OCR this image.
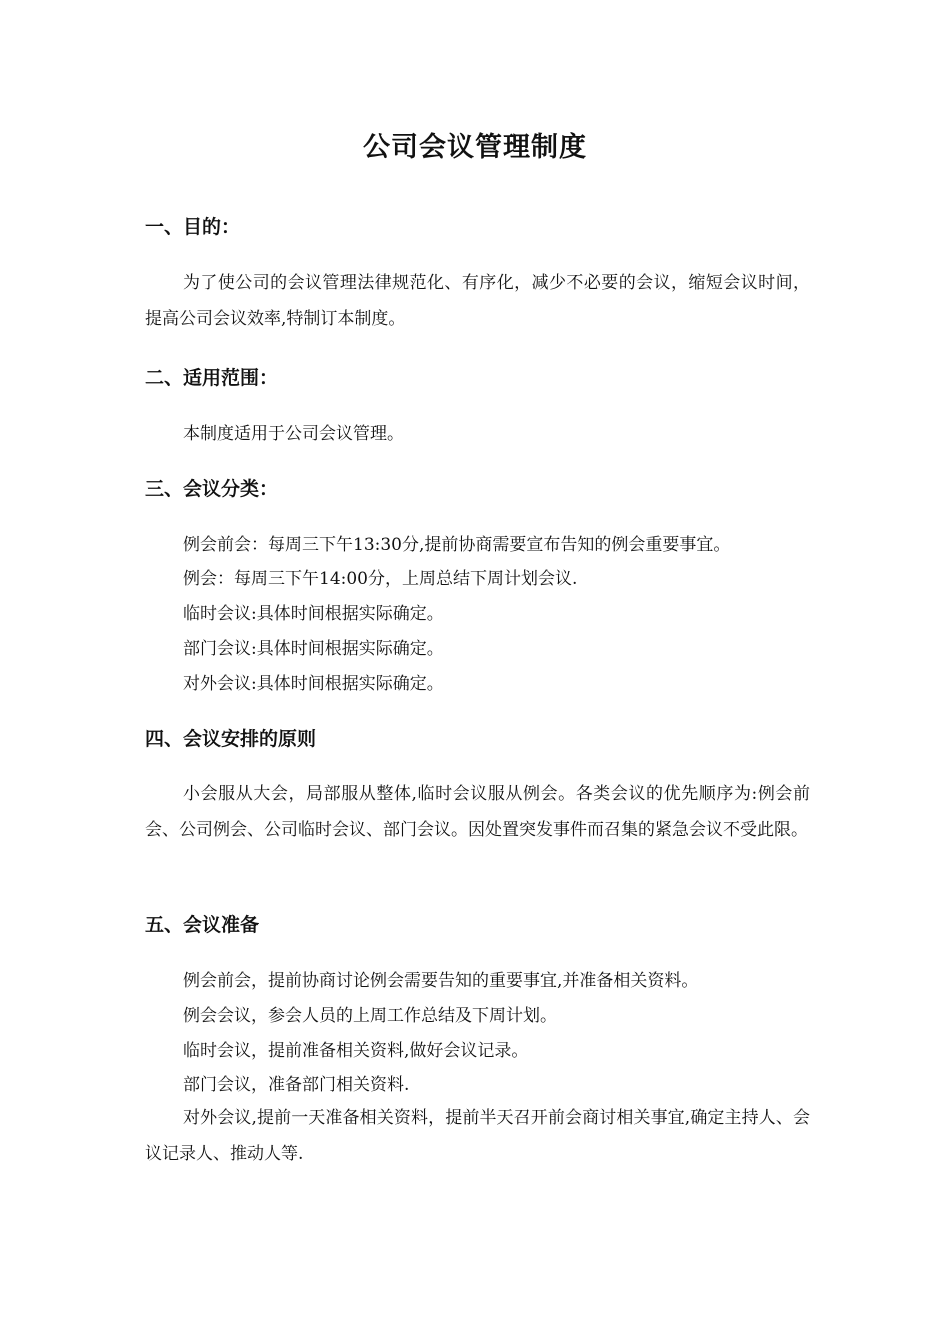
公司会议管理制度
一、目的：
为了使公司的会议管理法律规范化、有序化，减少不必要的会议，缩短会议时间，提高公司会议效率,特制订本制度。
二、适用范围：
本制度适用于公司会议管理。
三、会议分类：
例会前会：每周三下午13:30分,提前协商需要宣布告知的例会重要事宜。
例会：每周三下午14:00分，上周总结下周计划会议.
临时会议:具体时间根据实际确定。
部门会议:具体时间根据实际确定。
对外会议:具体时间根据实际确定。
四、会议安排的原则
小会服从大会，局部服从整体,临时会议服从例会。各类会议的优先顺序为:例会前会、公司例会、公司临时会议、部门会议。因处置突发事件而召集的紧急会议不受此限。
五、会议准备
例会前会，提前协商讨论例会需要告知的重要事宜,并准备相关资料。
例会会议，参会人员的上周工作总结及下周计划。
临时会议，提前准备相关资料,做好会议记录。
部门会议，准备部门相关资料.
对外会议,提前一天准备相关资料，提前半天召开前会商讨相关事宜,确定主持人、会议记录人、推动人等.
